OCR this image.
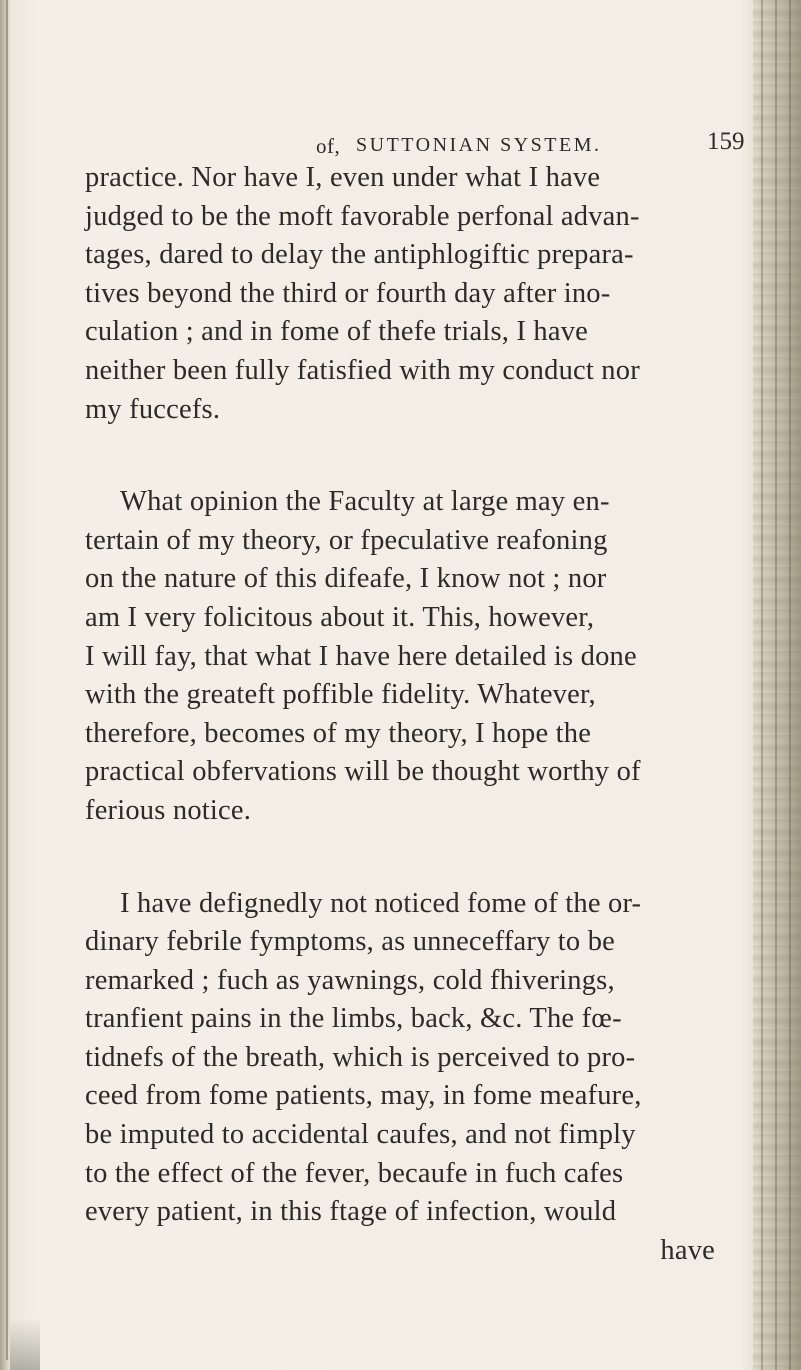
of, SUTTONIAN SYSTEM.	159

practice. Nor have I, even under what I have
judged to be the moft favorable perfonal advan-
tages, dared to delay the antiphlogiftic prepara-
tives beyond the third or fourth day after ino-
culation ; and in fome of thefe trials, I have
neither been fully fatisfied with my conduct nor
my fuccefs.

What opinion the Faculty at large may en-
tertain of my theory, or fpeculative reafoning
on the nature of this difeafe, I know not ; nor
am I very folicitous about it. This, however,
I will fay, that what I have here detailed is done
with the greateft poffible fidelity. Whatever,
therefore, becomes of my theory, I hope the
practical obfervations will be thought worthy of
ferious notice.

I have defignedly not noticed fome of the or-
dinary febrile fymptoms, as unneceffary to be
remarked ; fuch as yawnings, cold fhiverings,
tranfient pains in the limbs, back, &c. The fœ-
tidnefs of the breath, which is perceived to pro-
ceed from fome patients, may, in fome meafure,
be imputed to accidental caufes, and not fimply
to the effect of the fever, becaufe in fuch cafes
every patient, in this ftage of infection, would

have
